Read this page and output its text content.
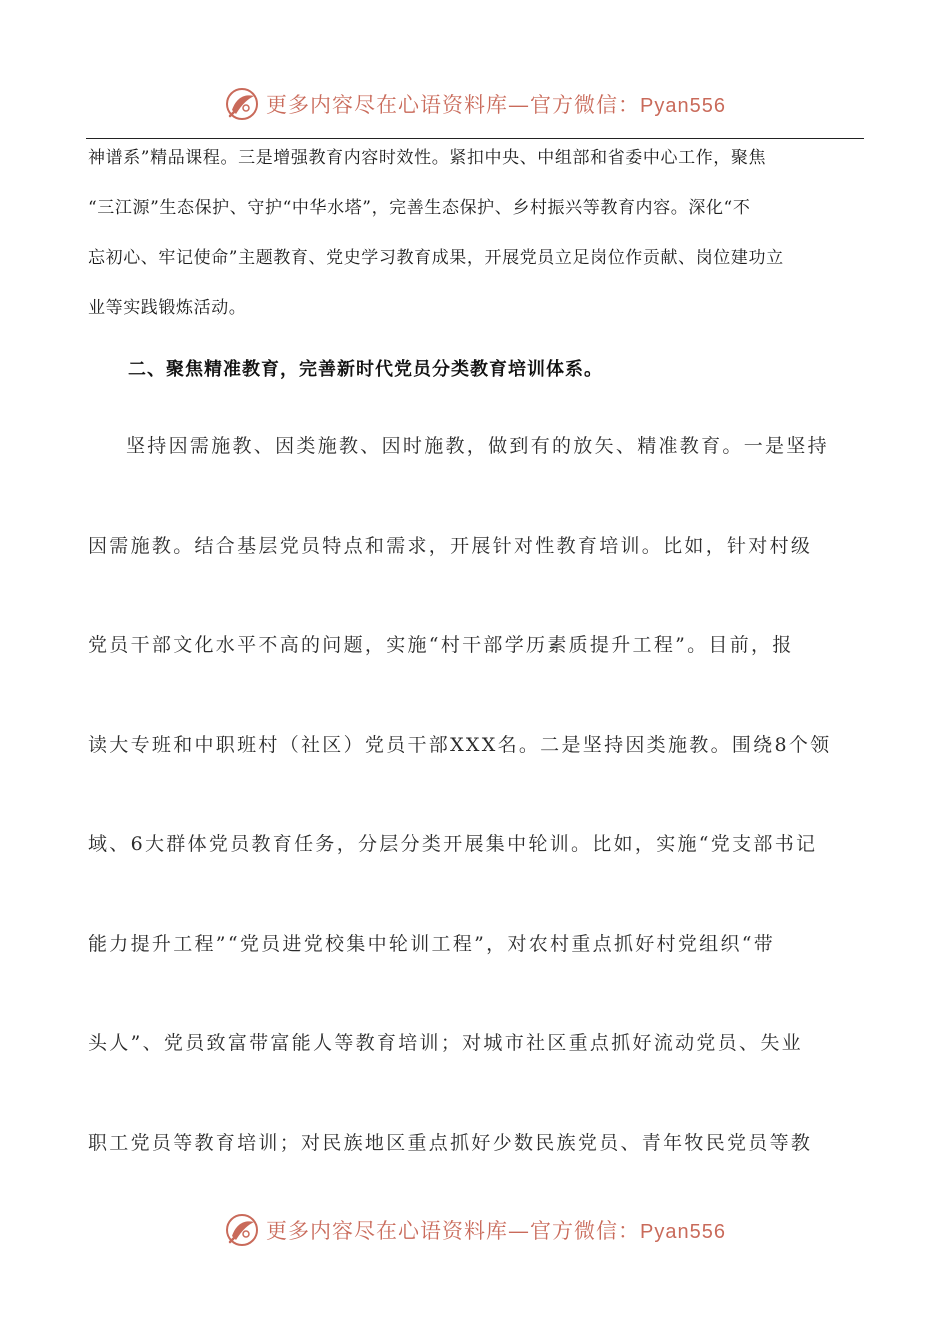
更多内容尽在心语资料库—官方微信：Pyan556
神谱系”精品课程。三是增强教育内容时效性。紧扣中央、中组部和省委中心工作，聚焦
“三江源”生态保护、守护“中华水塔”，完善生态保护、乡村振兴等教育内容。深化“不
忘初心、牢记使命”主题教育、党史学习教育成果，开展党员立足岗位作贡献、岗位建功立
业等实践锻炼活动。
二、聚焦精准教育，完善新时代党员分类教育培训体系。
坚持因需施教、因类施教、因时施教，做到有的放矢、精准教育。一是坚持
因需施教。结合基层党员特点和需求，开展针对性教育培训。比如，针对村级
党员干部文化水平不高的问题，实施“村干部学历素质提升工程”。目前，报
读大专班和中职班村（社区）党员干部XXX名。二是坚持因类施教。围绕8个领
域、6大群体党员教育任务，分层分类开展集中轮训。比如，实施“党支部书记
能力提升工程”“党员进党校集中轮训工程”，对农村重点抓好村党组织“带
头人”、党员致富带富能人等教育培训；对城市社区重点抓好流动党员、失业
职工党员等教育培训；对民族地区重点抓好少数民族党员、青年牧民党员等教
更多内容尽在心语资料库—官方微信：Pyan556
